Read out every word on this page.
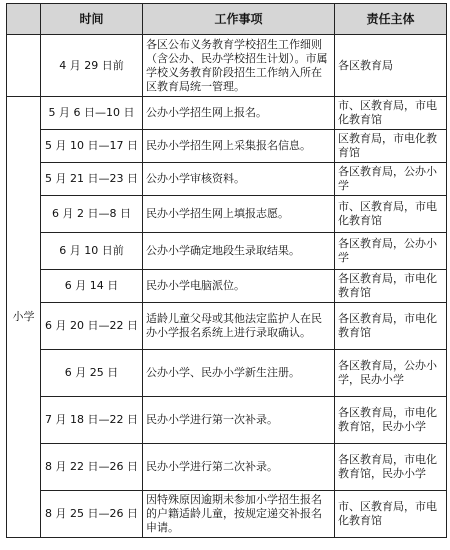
	时间	工作事项	责任主体
	4 月 29 日前	各区公布义务教育学校招生工作细则（含公办、民办学校招生计划）。市属学校义务教育阶段招生工作纳入所在区教育局统一管理。	各区教育局
小学	5 月 6 日—10 日	公办小学招生网上报名。	市、区教育局，市电化教育馆
	5 月 10 日—17 日	民办小学招生网上采集报名信息。	区教育局，市电化教育馆
	5 月 21 日—23 日	公办小学审核资料。	各区教育局，公办小学
	6 月 2 日—8 日	民办小学招生网上填报志愿。	市、区教育局，市电化教育馆
	6 月 10 日前	公办小学确定地段生录取结果。	各区教育局，公办小学
	6 月 14 日	民办小学电脑派位。	各区教育局，市电化教育馆
	6 月 20 日—22 日	适龄儿童父母或其他法定监护人在民办小学报名系统上进行录取确认。	各区教育局，市电化教育馆
	6 月 25 日	公办小学、民办小学新生注册。	各区教育局，公办小学，民办小学
	7 月 18 日—22 日	民办小学进行第一次补录。	各区教育局，市电化教育馆，民办小学
	8 月 22 日—26 日	民办小学进行第二次补录。	各区教育局，市电化教育馆，民办小学
	8 月 25 日—26 日	因特殊原因逾期未参加小学招生报名的户籍适龄儿童，按规定递交补报名申请。	市、区教育局，市电化教育馆
